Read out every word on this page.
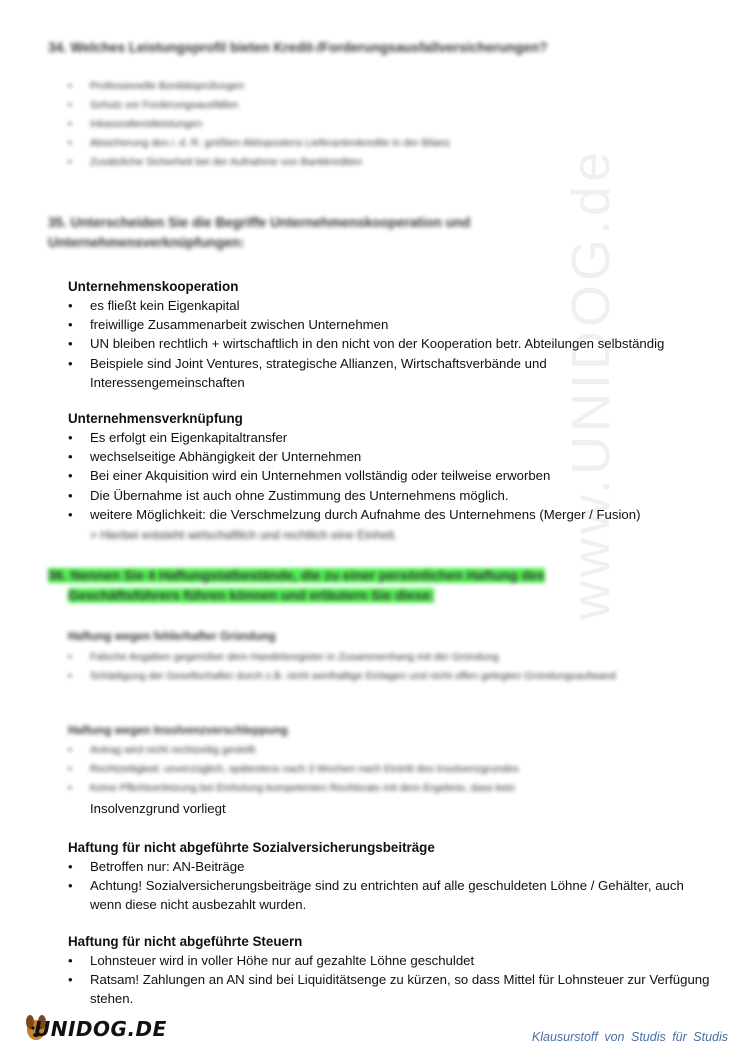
www.UNIDOG.de
34. Welches Leistungsprofil bieten Kredit-/Forderungsausfallversicherungen?
• Professionelle Bonitätsprüfungen
• Schutz vor Forderungsausfällen
• Inkassodienstleistungen
• Absicherung des i. d. R. größten Aktivpostens Lieferantenkredite in der Bilanz
• Zusätzliche Sicherheit bei der Aufnahme von Bankkrediten
35. Unterscheiden Sie die Begriffe Unternehmenskooperation und Unternehmensverknüpfungen:
Unternehmenskooperation
• es fließt kein Eigenkapital
• freiwillige Zusammenarbeit zwischen Unternehmen
• UN bleiben rechtlich + wirtschaftlich in den nicht von der Kooperation betr. Abteilungen selbständig
• Beispiele sind Joint Ventures, strategische Allianzen, Wirtschaftsverbände und Interessengemeinschaften
Unternehmensverknüpfung
• Es erfolgt ein Eigenkapitaltransfer
• wechselseitige Abhängigkeit der Unternehmen
• Bei einer Akquisition wird ein Unternehmen vollständig oder teilweise erworben
• Die Übernahme ist auch ohne Zustimmung des Unternehmens möglich.
• weitere Möglichkeit: die Verschmelzung durch Aufnahme des Unternehmens (Merger / Fusion)
> Hierbei entsteht wirtschaftlich und rechtlich eine Einheit.
36. Nennen Sie 4 Haftungstatbestände, die zu einer persönlichen Haftung des
Geschäftsführers führen können und erläutern Sie diese:
Haftung wegen fehlerhafter Gründung
• Falsche Angaben gegenüber dem Handelsregister in Zusammenhang mit der Gründung
• Schädigung der Gesellschafter durch z.B. nicht werthaltige Einlagen und nicht offen gelegten Gründungsaufwand
Haftung wegen Insolvenzverschleppung
• Antrag wird nicht rechtzeitig gestellt
• Rechtzeitigkeit: unverzüglich, spätestens nach 3 Wochen nach Eintritt des Insolvenzgrundes
• Keine Pflichtverletzung bei Einholung kompetenten Rechtsrats mit dem Ergebnis, dass kein
Insolvenzgrund vorliegt
Haftung für nicht abgeführte Sozialversicherungsbeiträge
• Betroffen nur: AN-Beiträge
• Achtung! Sozialversicherungsbeiträge sind zu entrichten auf alle geschuldeten Löhne / Gehälter, auch wenn diese nicht ausbezahlt wurden.
Haftung für nicht abgeführte Steuern
• Lohnsteuer wird in voller Höhe nur auf gezahlte Löhne geschuldet
• Ratsam! Zahlungen an AN sind bei Liquiditätsenge zu kürzen, so dass Mittel für Lohnsteuer zur Verfügung stehen.
UNIDOG.DE	Klausurstoff von Studis für Studis
